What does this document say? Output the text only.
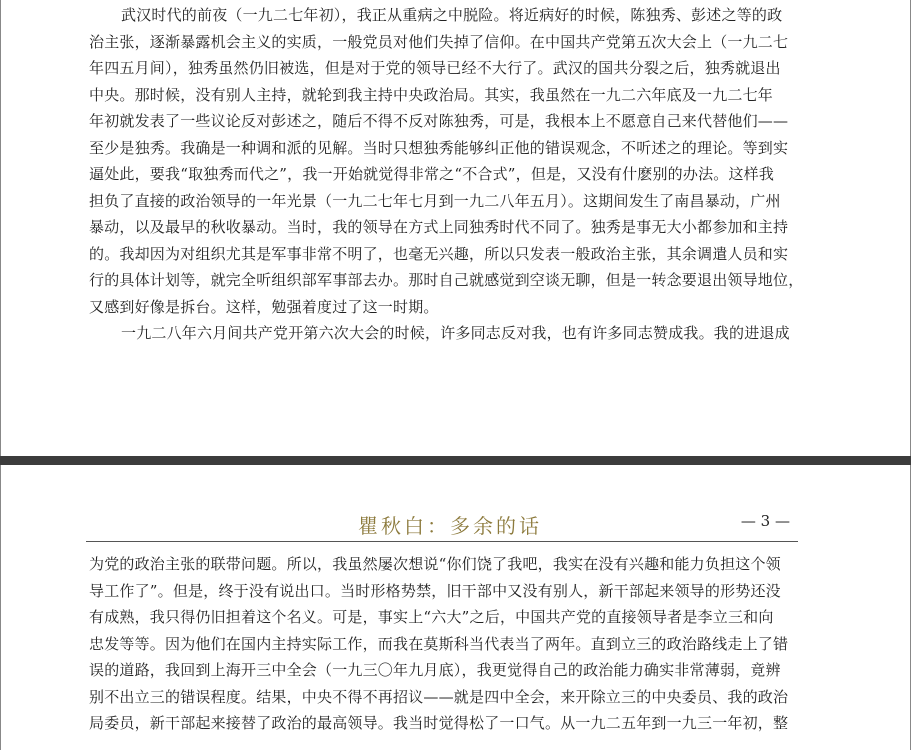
武汉时代的前夜（一九二七年初），我正从重病之中脱险。将近病好的时候，陈独秀、彭述之等的政

治主张，逐渐暴露机会主义的实质，一般党员对他们失掉了信仰。在中国共产党第五次大会上（一九二七

年四五月间），独秀虽然仍旧被选，但是对于党的领导已经不大行了。武汉的国共分裂之后，独秀就退出

中央。那时候，没有别人主持，就轮到我主持中央政治局。其实，我虽然在一九二六年底及一九二七年

年初就发表了一些议论反对彭述之，随后不得不反对陈独秀，可是，我根本上不愿意自己来代替他们——

至少是独秀。我确是一种调和派的见解。当时只想独秀能够纠正他的错误观念，不听述之的理论。等到实

逼处此，要我“取独秀而代之”，我一开始就觉得非常之“不合式”，但是，又没有什麽别的办法。这样我

担负了直接的政治领导的一年光景（一九二七年七月到一九二八年五月）。这期间发生了南昌暴动，广州

暴动，以及最早的秋收暴动。当时，我的领导在方式上同独秀时代不同了。独秀是事无大小都参加和主持

的。我却因为对组织尤其是军事非常不明了，也毫无兴趣，所以只发表一般政治主张，其余调遣人员和实

行的具体计划等，就完全听组织部军事部去办。那时自己就感觉到空谈无聊，但是一转念要退出领导地位，

又感到好像是拆台。这样，勉强着度过了这一时期。

一九二八年六月间共产党开第六次大会的时候，许多同志反对我，也有许多同志赞成我。我的进退成

瞿秋白：多余的话	— 3 —

为党的政治主张的联带问题。所以，我虽然屡次想说“你们饶了我吧，我实在没有兴趣和能力负担这个领

导工作了”。但是，终于没有说出口。当时形格势禁，旧干部中又没有别人，新干部起来领导的形势还没

有成熟，我只得仍旧担着这个名义。可是，事实上“六大”之后，中国共产党的直接领导者是李立三和向

忠发等等。因为他们在国内主持实际工作，而我在莫斯科当代表当了两年。直到立三的政治路线走上了错

误的道路，我回到上海开三中全会（一九三〇年九月底），我更觉得自己的政治能力确实非常薄弱，竟辨

别不出立三的错误程度。结果，中央不得不再招议——就是四中全会，来开除立三的中央委员、我的政治

局委员，新干部起来接替了政治的最高领导。我当时觉得松了一口气。从一九二五年到一九三一年初，整
